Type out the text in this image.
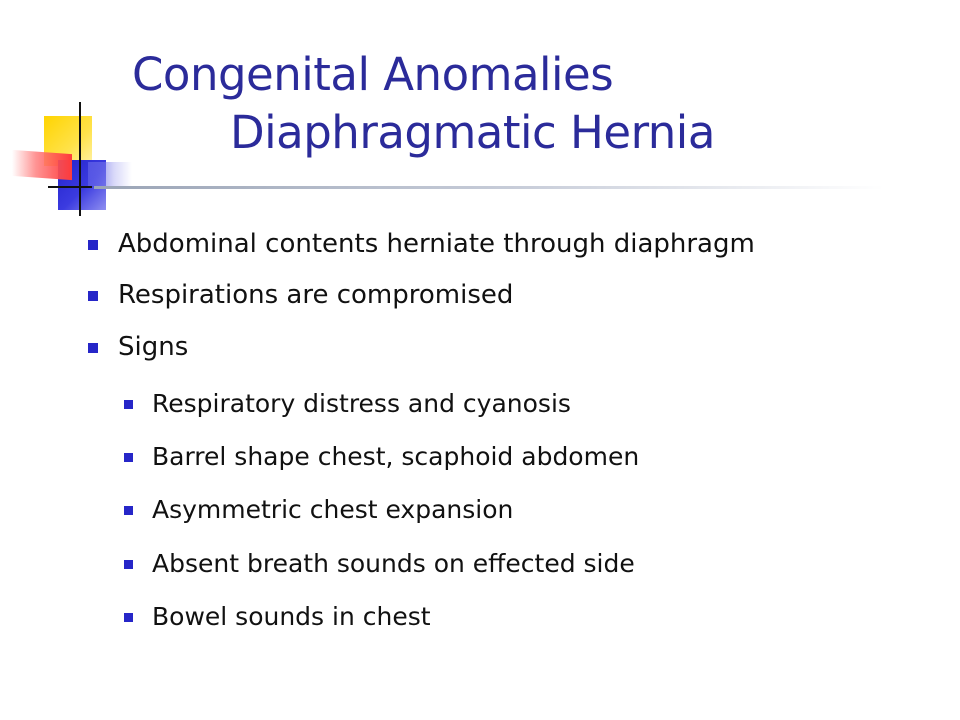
Congenital Anomalies
Diaphragmatic Hernia
Abdominal contents herniate through diaphragm
Respirations are compromised
Signs
Respiratory distress and cyanosis
Barrel shape chest, scaphoid abdomen
Asymmetric chest expansion
Absent breath sounds on effected side
Bowel sounds in chest
